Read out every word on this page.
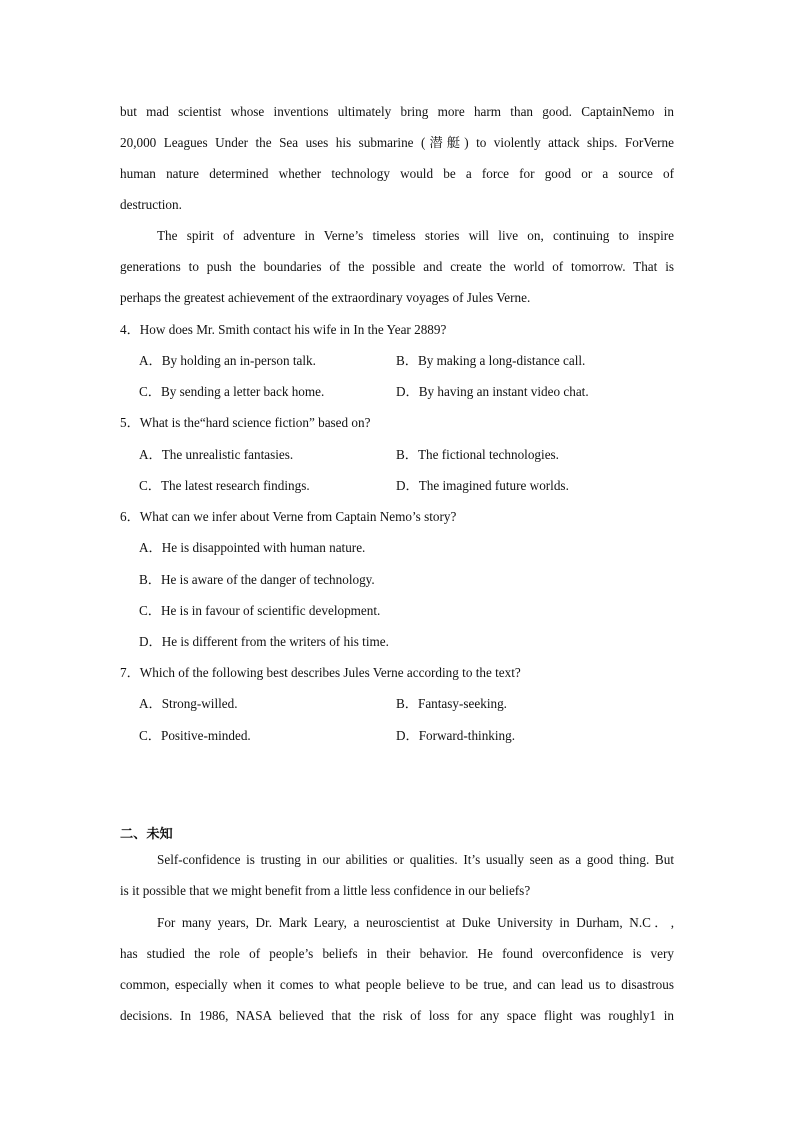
but mad scientist whose inventions ultimately bring more harm than good. CaptainNemo in
20,000 Leagues Under the Sea uses his submarine (潜艇) to violently attack ships. ForVerne
human nature determined whether technology would be a force for good or a source of
destruction.
The spirit of adventure in Verne’s timeless stories will live on, continuing to inspire
generations to push the boundaries of the possible and create the world of tomorrow. That is
perhaps the greatest achievement of the extraordinary voyages of Jules Verne.
4．How does Mr. Smith contact his wife in In the Year 2889?
A．By holding an in-person talk.	B．By making a long-distance call.
C．By sending a letter back home.	D．By having an instant video chat.
5．What is the“hard science fiction” based on?
A．The unrealistic fantasies.	B．The fictional technologies.
C．The latest research findings.	D．The imagined future worlds.
6．What can we infer about Verne from Captain Nemo’s story?
A．He is disappointed with human nature.
B．He is aware of the danger of technology.
C．He is in favour of scientific development.
D．He is different from the writers of his time.
7．Which of the following best describes Jules Verne according to the text?
A．Strong-willed.	B．Fantasy-seeking.
C．Positive-minded.	D．Forward-thinking.
二、未知
Self-confidence is trusting in our abilities or qualities. It’s usually seen as a good thing. But
is it possible that we might benefit from a little less confidence in our beliefs?
For many years, Dr. Mark Leary, a neuroscientist at Duke University in Durham, N.C．,
has studied the role of people’s beliefs in their behavior. He found overconfidence is very
common, especially when it comes to what people believe to be true, and can lead us to disastrous
decisions. In 1986, NASA believed that the risk of loss for any space flight was roughly1 in
